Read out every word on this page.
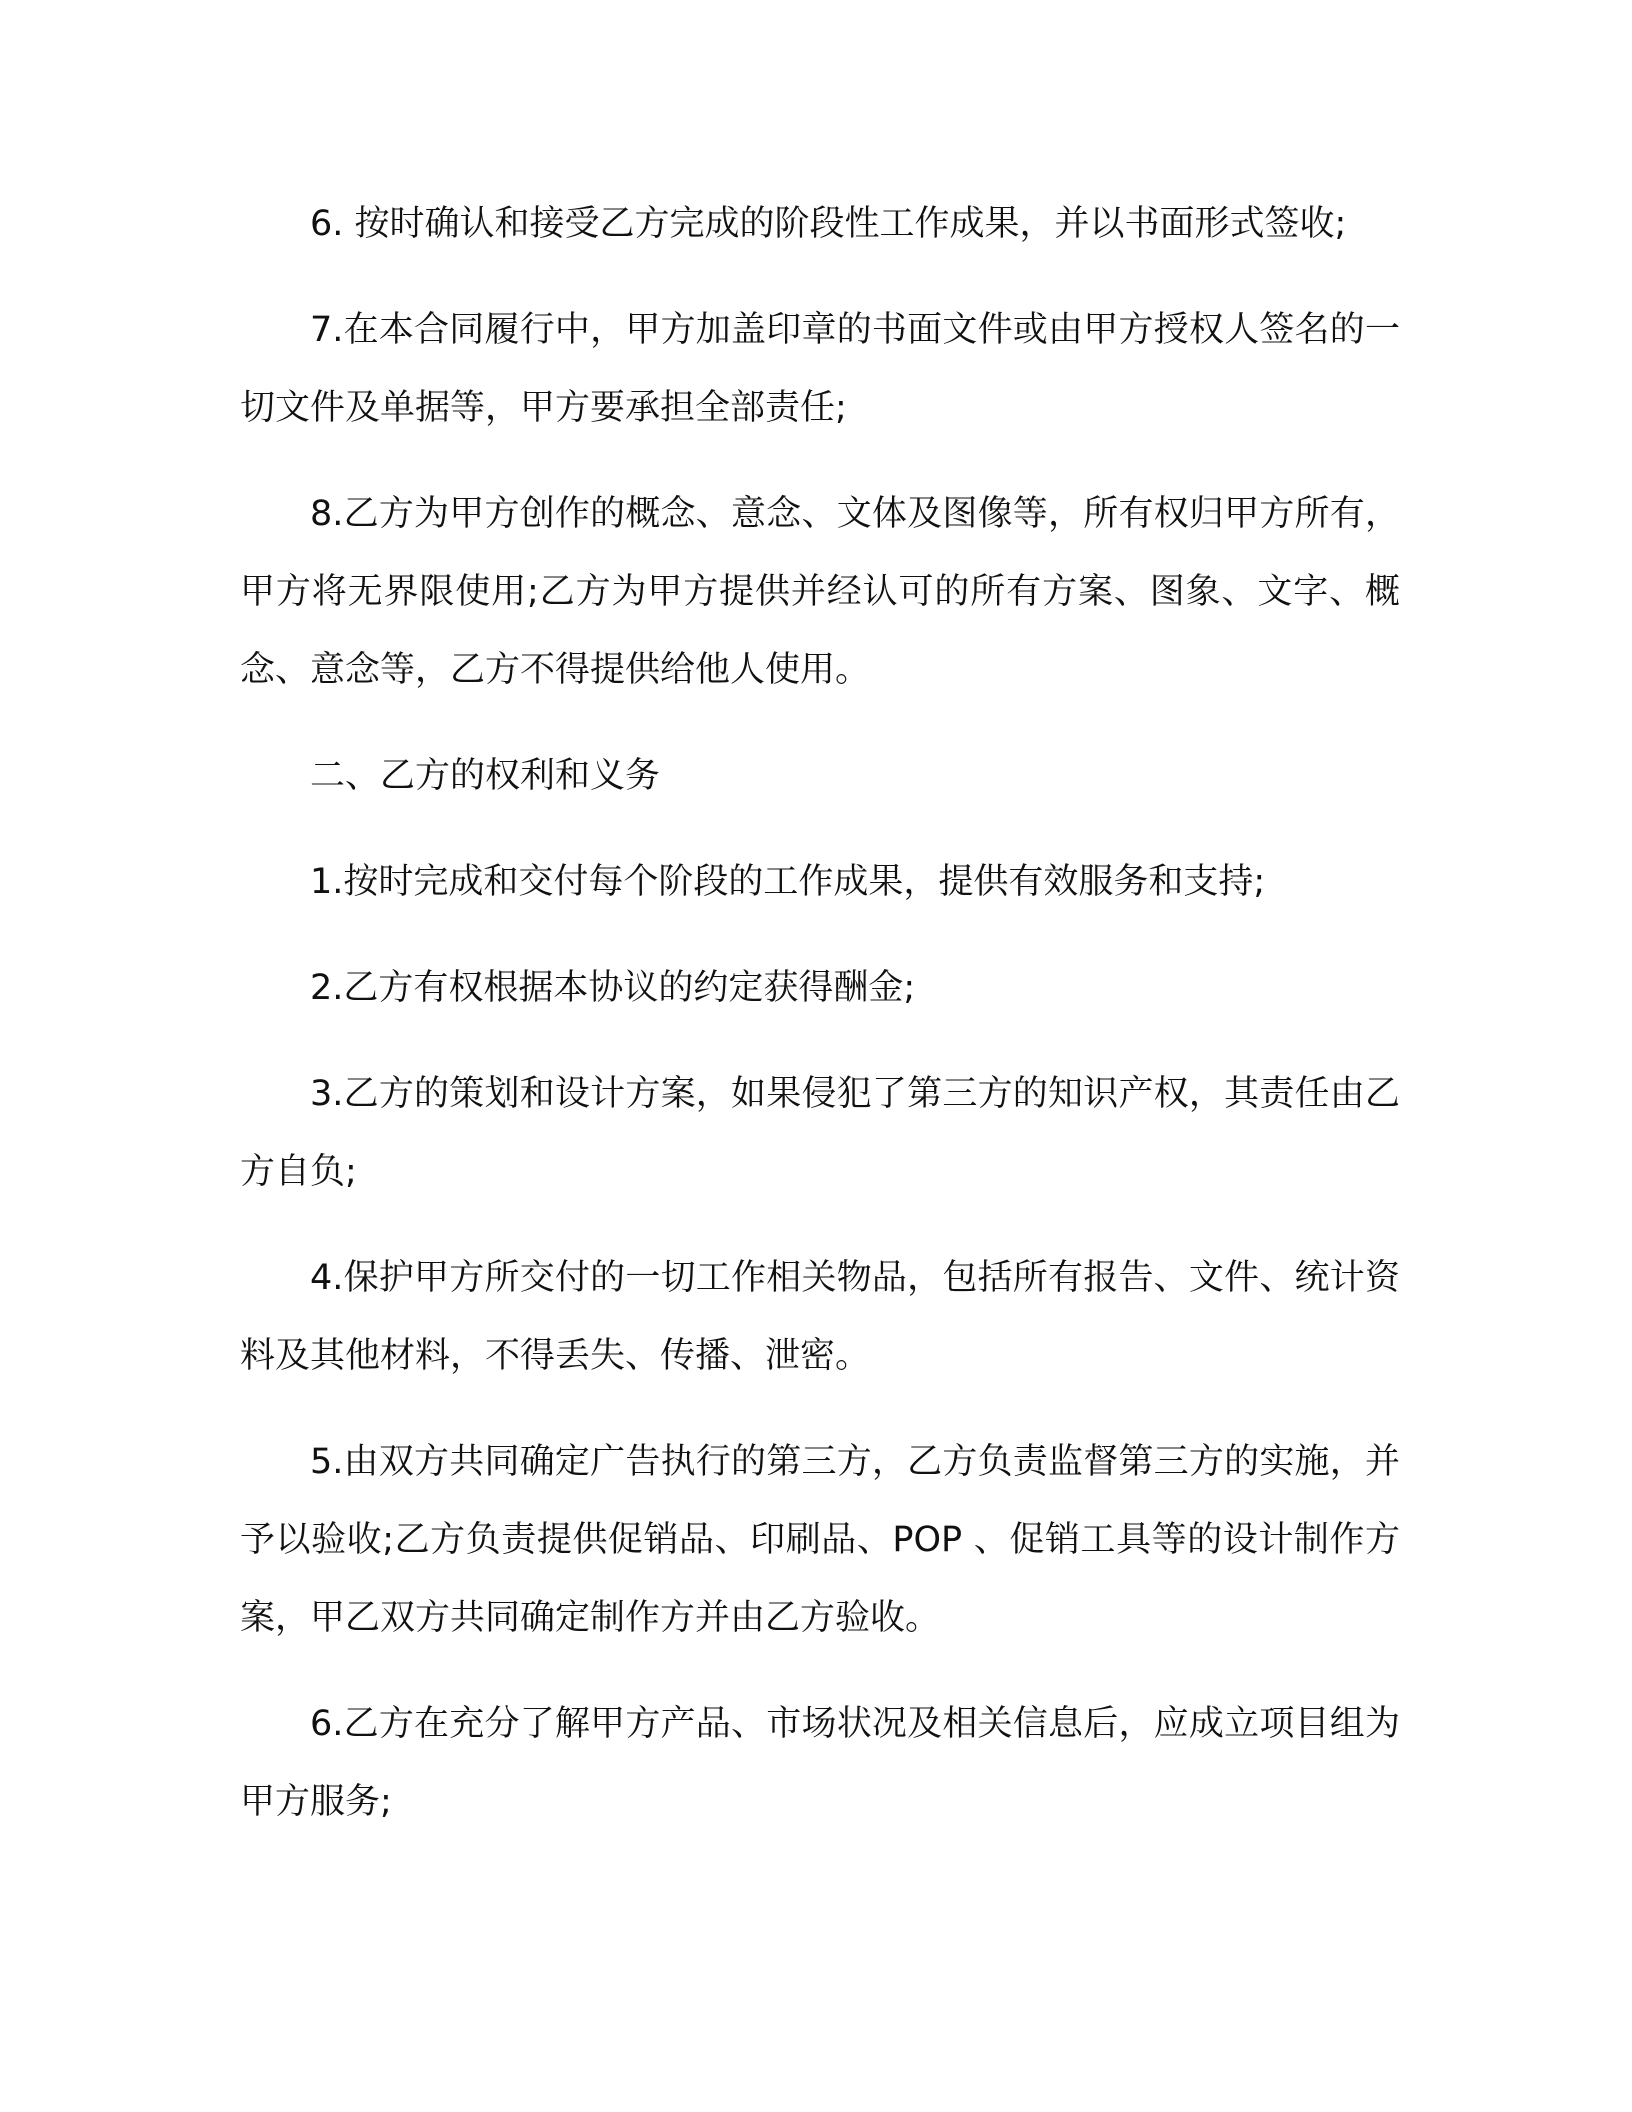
6. 按时确认和接受乙方完成的阶段性工作成果，并以书面形式签收;

7.在本合同履行中，甲方加盖印章的书面文件或由甲方授权人签名的一切文件及单据等，甲方要承担全部责任;

8.乙方为甲方创作的概念、意念、文体及图像等，所有权归甲方所有，甲方将无界限使用;乙方为甲方提供并经认可的所有方案、图象、文字、概念、意念等，乙方不得提供给他人使用。

二、乙方的权利和义务

1.按时完成和交付每个阶段的工作成果，提供有效服务和支持;

2.乙方有权根据本协议的约定获得酬金;

3.乙方的策划和设计方案，如果侵犯了第三方的知识产权，其责任由乙方自负;

4.保护甲方所交付的一切工作相关物品，包括所有报告、文件、统计资料及其他材料，不得丢失、传播、泄密。

5.由双方共同确定广告执行的第三方，乙方负责监督第三方的实施，并予以验收;乙方负责提供促销品、印刷品、POP 、促销工具等的设计制作方案，甲乙双方共同确定制作方并由乙方验收。

6.乙方在充分了解甲方产品、市场状况及相关信息后，应成立项目组为甲方服务;
